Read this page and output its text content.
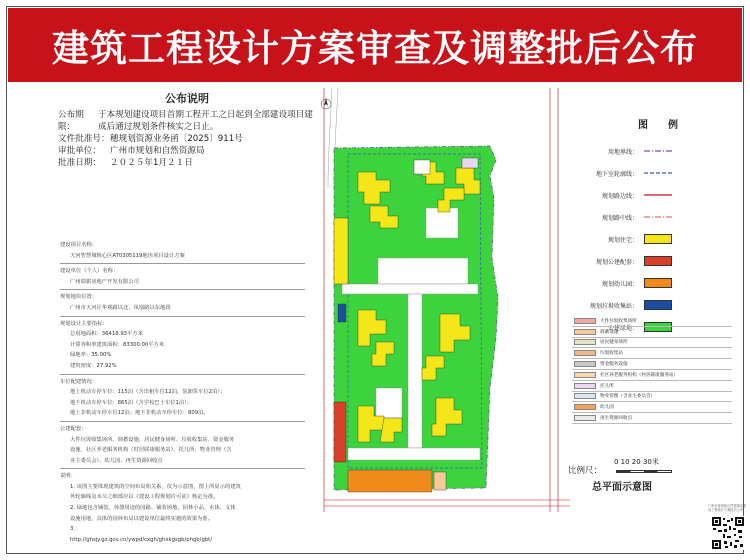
建筑工程设计方案审查及调整批后公布
公布说明
公布期限：
于本规划建设项目首期工程开工之日起到全部建设项目建成后通过规划条件核实之日止。
文件批准号： 穗规划资源业务函〔2025〕911号
审批单位：	广州市规划和自然资源局
批准日期：	２０２５年1月２１日
建设项目名称：
天河智慧城核心区AT0305119地块项目设计方案
建设单位（个人）名称：
广州瑞骐房地产开发有限公司
规划地块位置：
广州市天河区华观路以北、凤凰路以东地段
规划设计主要指标：
总用地面积：36418.93平方米
计算容积率建筑面积：83300.00平方米
绿地率：35.00%
建筑密度：27.92%
车位配建情况：
地上机动车停车位：115泊（含出租车位12泊，装卸货车位2泊）；
地下机动车停车位：865泊（含学校巴士车位1泊）；
地上非机动车停车位12泊；地下非机动车停车位：809泊。
公建配套：
大件垃圾收集场所、调蓄设施、居民健身场所、垃圾收集站、资金服务
设施、社区养老服务机构（村居联康服务站）、托儿所、物业管理（含
业主委员会）、幼儿园、再生资源回收点
说明：
1. 该图主要体现建筑的空间布局和关系，仅为示意图，图上所显示的建筑
外轮廓线及未尽之细部应以《建设工程规划许可证》核定为准。
2. 绿地包含铺装、休憩用途的园路、铺装场地、园林小品、水体、文体
设施用地，具体的园林布局以建设单位最终实施的效果为准。
3.
http://ghsjy.gz.gov.cn/ywpd/cxgh/ghxkgsgb/phgb/gbt/
图　　例
用地界线：
地下室轮廓线：
规划路边线：
规划路中线：
规划住宅：
规划公建配套：
规划幼儿园：
规划垃圾收集站：
公建绿地：
大件垃圾收集场所
调蓄设施
居民健身场所
垃圾收集站
资金服务设施
社区养老服务机构（村居联康服务站）
托儿所
物业管理（含业主委员会）
幼儿园
再生资源回收点
比例尺：
0 10 20 30米
总平面示意图
广州市规划和自然资源局建设工程设计方案批后公布
